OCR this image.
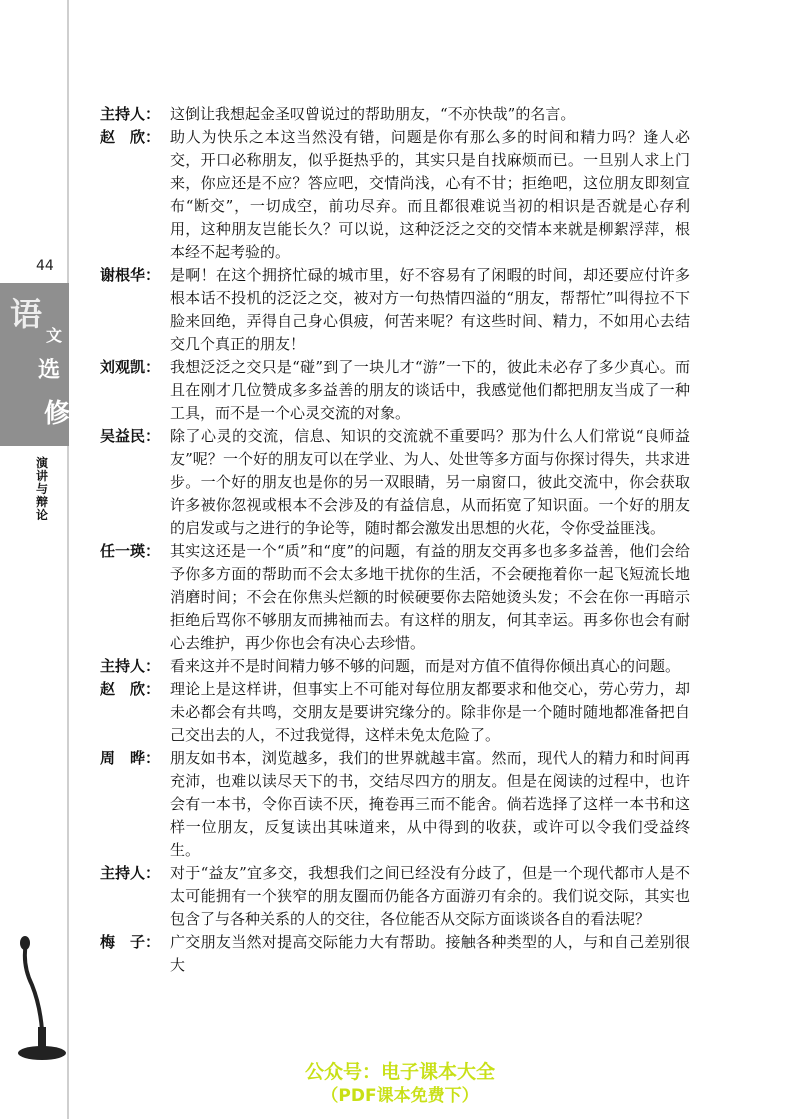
44
语
文
选
修
演讲与辩论
主持人： 这倒让我想起金圣叹曾说过的帮助朋友，“不亦快哉”的名言。
赵　欣： 助人为快乐之本这当然没有错，问题是你有那么多的时间和精力吗？逢人必交，开口必称朋友，似乎挺热乎的，其实只是自找麻烦而已。一旦别人求上门来，你应还是不应？答应吧，交情尚浅，心有不甘；拒绝吧，这位朋友即刻宣布“断交”，一切成空，前功尽弃。而且都很难说当初的相识是否就是心存利用，这种朋友岂能长久？可以说，这种泛泛之交的交情本来就是柳絮浮萍，根本经不起考验的。
谢根华： 是啊！在这个拥挤忙碌的城市里，好不容易有了闲暇的时间，却还要应付许多根本话不投机的泛泛之交，被对方一句热情四溢的“朋友，帮帮忙”叫得拉不下脸来回绝，弄得自己身心俱疲，何苦来呢？有这些时间、精力，不如用心去结交几个真正的朋友！
刘观凯： 我想泛泛之交只是“碰”到了一块儿才“游”一下的，彼此未必存了多少真心。而且在刚才几位赞成多多益善的朋友的谈话中，我感觉他们都把朋友当成了一种工具，而不是一个心灵交流的对象。
吴益民： 除了心灵的交流，信息、知识的交流就不重要吗？那为什么人们常说“良师益友”呢？一个好的朋友可以在学业、为人、处世等多方面与你探讨得失，共求进步。一个好的朋友也是你的另一双眼睛，另一扇窗口，彼此交流中，你会获取许多被你忽视或根本不会涉及的有益信息，从而拓宽了知识面。一个好的朋友的启发或与之进行的争论等，随时都会激发出思想的火花，令你受益匪浅。
任一瑛： 其实这还是一个“质”和“度”的问题，有益的朋友交再多也多多益善，他们会给予你多方面的帮助而不会太多地干扰你的生活，不会硬拖着你一起飞短流长地消磨时间；不会在你焦头烂额的时候硬要你去陪她烫头发；不会在你一再暗示拒绝后骂你不够朋友而拂袖而去。有这样的朋友，何其幸运。再多你也会有耐心去维护，再少你也会有决心去珍惜。
主持人： 看来这并不是时间精力够不够的问题，而是对方值不值得你倾出真心的问题。
赵　欣： 理论上是这样讲，但事实上不可能对每位朋友都要求和他交心，劳心劳力，却未必都会有共鸣，交朋友是要讲究缘分的。除非你是一个随时随地都准备把自己交出去的人，不过我觉得，这样未免太危险了。
周　晔： 朋友如书本，浏览越多，我们的世界就越丰富。然而，现代人的精力和时间再充沛，也难以读尽天下的书，交结尽四方的朋友。但是在阅读的过程中，也许会有一本书，令你百读不厌，掩卷再三而不能舍。倘若选择了这样一本书和这样一位朋友，反复读出其味道来，从中得到的收获，或许可以令我们受益终生。
主持人： 对于“益友”宜多交，我想我们之间已经没有分歧了，但是一个现代都市人是不太可能拥有一个狭窄的朋友圈而仍能各方面游刃有余的。我们说交际，其实也包含了与各种关系的人的交往，各位能否从交际方面谈谈各自的看法呢？
梅　子： 广交朋友当然对提高交际能力大有帮助。接触各种类型的人，与和自己差别很大
公众号：电子课本大全
（PDF课本免费下）
